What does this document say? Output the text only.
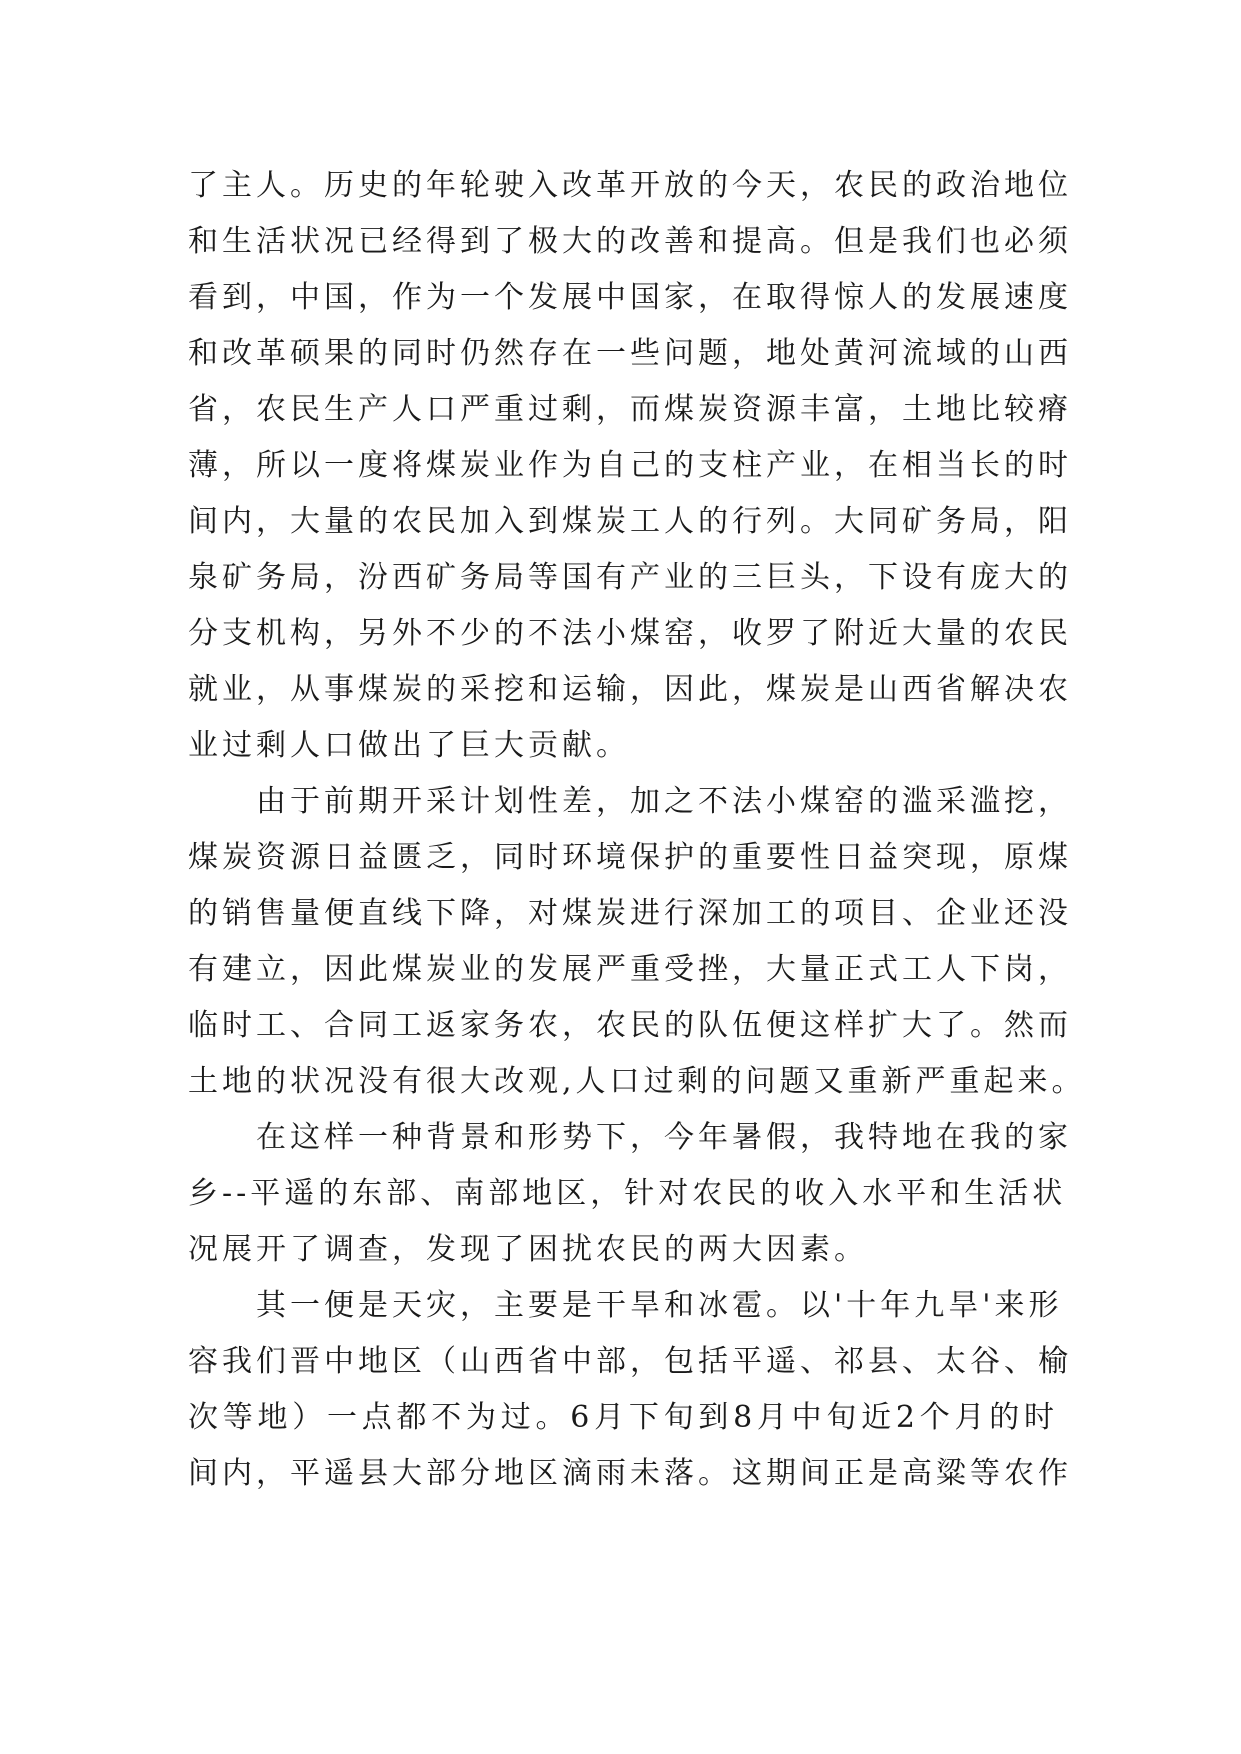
了主人。历史的年轮驶入改革开放的今天，农民的政治地位
和生活状况已经得到了极大的改善和提高。但是我们也必须
看到，中国，作为一个发展中国家，在取得惊人的发展速度
和改革硕果的同时仍然存在一些问题，地处黄河流域的山西
省，农民生产人口严重过剩，而煤炭资源丰富，土地比较瘠
薄，所以一度将煤炭业作为自己的支柱产业，在相当长的时
间内，大量的农民加入到煤炭工人的行列。大同矿务局，阳
泉矿务局，汾西矿务局等国有产业的三巨头，下设有庞大的
分支机构，另外不少的不法小煤窑，收罗了附近大量的农民
就业，从事煤炭的采挖和运输，因此，煤炭是山西省解决农
业过剩人口做出了巨大贡献。
由于前期开采计划性差，加之不法小煤窑的滥采滥挖，
煤炭资源日益匮乏，同时环境保护的重要性日益突现，原煤
的销售量便直线下降，对煤炭进行深加工的项目、企业还没
有建立，因此煤炭业的发展严重受挫，大量正式工人下岗，
临时工、合同工返家务农，农民的队伍便这样扩大了。然而
土地的状况没有很大改观,人口过剩的问题又重新严重起来。
在这样一种背景和形势下，今年暑假，我特地在我的家
乡--平遥的东部、南部地区，针对农民的收入水平和生活状
况展开了调查，发现了困扰农民的两大因素。
其一便是天灾，主要是干旱和冰雹。以'十年九旱'来形
容我们晋中地区（山西省中部，包括平遥、祁县、太谷、榆
次等地）一点都不为过。6月下旬到8月中旬近2个月的时
间内，平遥县大部分地区滴雨未落。这期间正是高粱等农作
